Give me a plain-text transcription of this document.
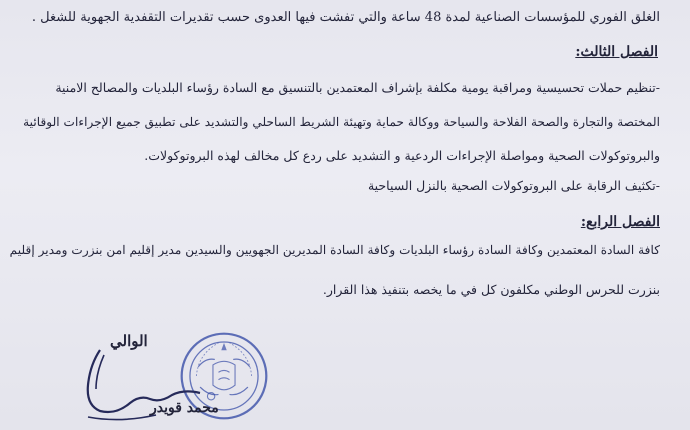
الغلق الفوري للمؤسسات الصناعية لمدة 48 ساعة والتي تفشت فيها العدوى حسب تقديرات التقفدية الجهوية للشغل .
الفصل الثالث:
-تنظيم حملات تحسيسية ومراقبة يومية مكلفة بإشراف المعتمدين بالتنسيق مع السادة رؤساء البلديات والمصالح الامنية
المختصة والتجارة والصحة الفلاحة والسياحة ووكالة حماية وتهيئة الشريط الساحلي والتشديد على تطبيق جميع الإجراءات الوقائية
والبروتوكولات الصحية ومواصلة الإجراءات الردعية و التشديد على ردع كل مخالف لهذه البروتوكولات.
-تكثيف الرقابة على البروتوكولات الصحية بالنزل السياحية
الفصل الرابع:
كافة السادة المعتمدين وكافة السادة رؤساء البلديات وكافة السادة المديرين الجهويين والسيدين مدير إقليم امن بنزرت ومدير إقليم
بنزرت للحرس الوطني مكلفون كل في ما يخصه بتنفيذ هذا القرار.
الوالي
محمد قويدر
